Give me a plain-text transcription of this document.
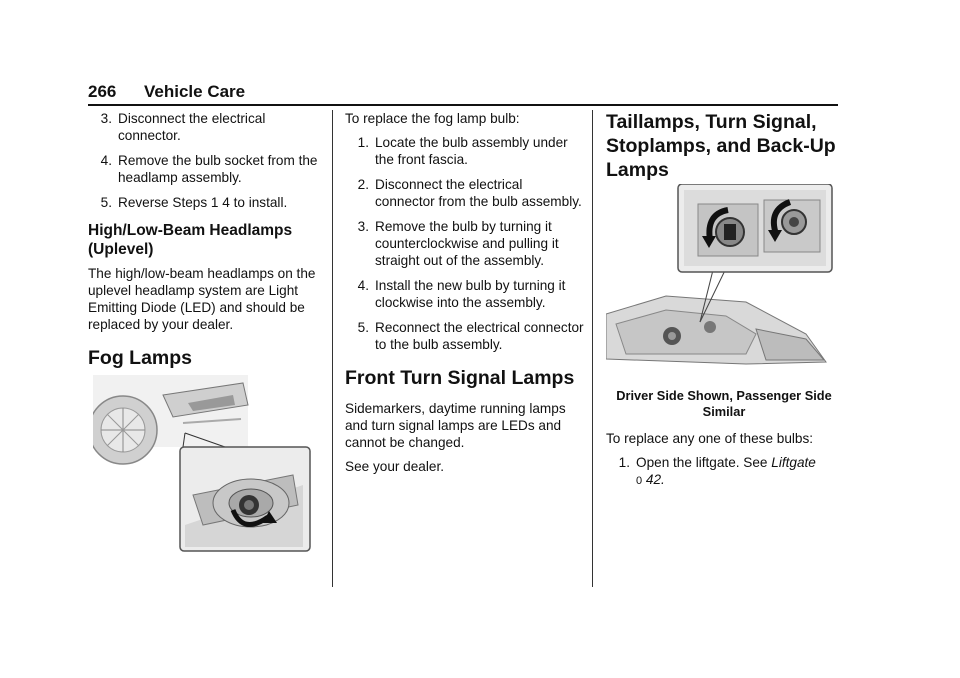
266 Vehicle Care
3. Disconnect the electrical connector.
4. Remove the bulb socket from the headlamp assembly.
5. Reverse Steps 1 4 to install.
High/Low-Beam Headlamps (Uplevel)

The high/low-beam headlamps on the uplevel headlamp system are Light Emitting Diode (LED) and should be replaced by your dealer.

Fog Lamps

To replace the fog lamp bulb:

1. Locate the bulb assembly under the front fascia.
2. Disconnect the electrical connector from the bulb assembly.
3. Remove the bulb by turning it counterclockwise and pulling it straight out of the assembly.
4. Install the new bulb by turning it clockwise into the assembly.
5. Reconnect the electrical connector to the bulb assembly.
Front Turn Signal Lamps

Sidemarkers, daytime running lamps and turn signal lamps are LEDs and cannot be changed.

See your dealer.

Taillamps, Turn Signal, Stoplamps, and Back-Up Lamps
Driver Side Shown, Passenger Side Similar

To replace any one of these bulbs:

1. Open the liftgate. See Liftgate
0 42.
